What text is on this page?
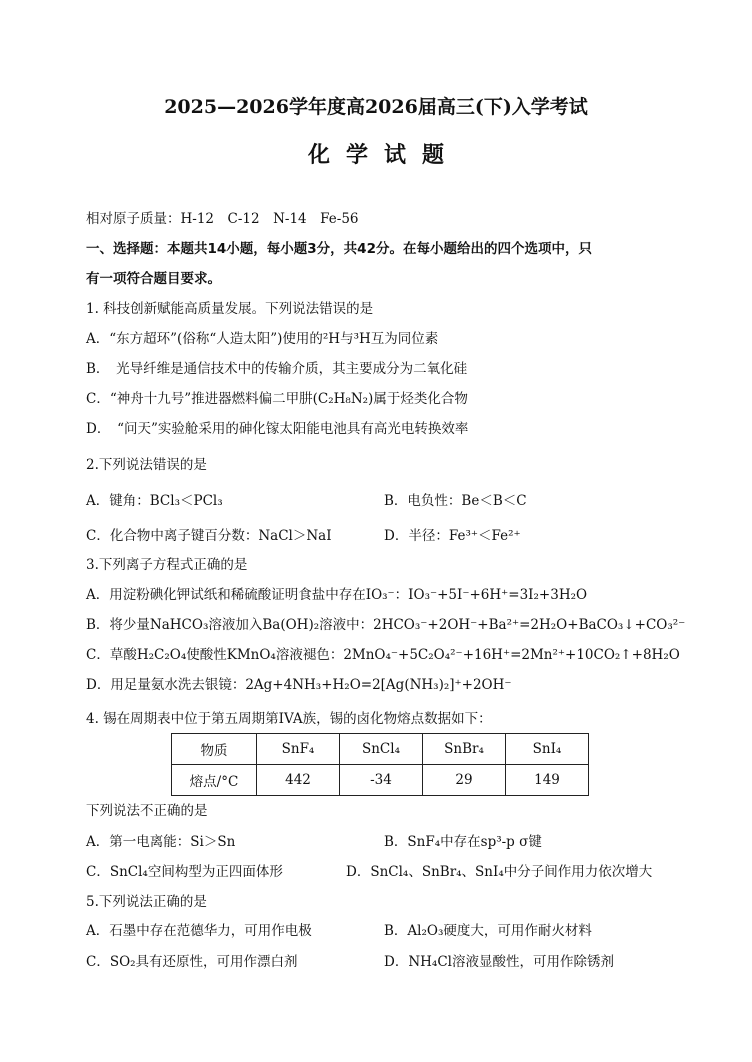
2025—2026学年度高2026届高三(下)入学考试
化学试题
相对原子质量：H-12　C-12　N-14　Fe-56
一、选择题：本题共14小题，每小题3分，共42分。在每小题给出的四个选项中，只
有一项符合题目要求。
1. 科技创新赋能高质量发展。下列说法错误的是
A．“东方超环”(俗称“人造太阳”)使用的²H与³H互为同位素
B．　光导纤维是通信技术中的传输介质，其主要成分为二氧化硅
C．“神舟十九号”推进器燃料偏二甲肼(C₂H₈N₂)属于烃类化合物
D．　“问天”实验舱采用的砷化镓太阳能电池具有高光电转换效率
2.下列说法错误的是
A．键角：BCl₃＜PCl₃	B．电负性：Be＜B＜C
C．化合物中离子键百分数：NaCl＞NaI	D．半径：Fe³⁺＜Fe²⁺
3.下列离子方程式正确的是
A．用淀粉碘化钾试纸和稀硫酸证明食盐中存在IO₃⁻：IO₃⁻+5I⁻+6H⁺=3I₂+3H₂O
B．将少量NaHCO₃溶液加入Ba(OH)₂溶液中：2HCO₃⁻+2OH⁻+Ba²⁺=2H₂O+BaCO₃↓+CO₃²⁻
C．草酸H₂C₂O₄使酸性KMnO₄溶液褪色：2MnO₄⁻+5C₂O₄²⁻+16H⁺=2Mn²⁺+10CO₂↑+8H₂O
D．用足量氨水洗去银镜：2Ag+4NH₃+H₂O=2[Ag(NH₃)₂]⁺+2OH⁻
4. 锡在周期表中位于第五周期第IVA族，锡的卤化物熔点数据如下：
物质	SnF₄	SnCl₄	SnBr₄	SnI₄
熔点/°C	442	-34	29	149
下列说法不正确的是
A．第一电离能：Si＞Sn	B．SnF₄中存在sp³-p σ键
C．SnCl₄空间构型为正四面体形	D．SnCl₄、SnBr₄、SnI₄中分子间作用力依次增大
5.下列说法正确的是
A．石墨中存在范德华力，可用作电极	B．Al₂O₃硬度大，可用作耐火材料
C．SO₂具有还原性，可用作漂白剂	D．NH₄Cl溶液显酸性，可用作除锈剂
